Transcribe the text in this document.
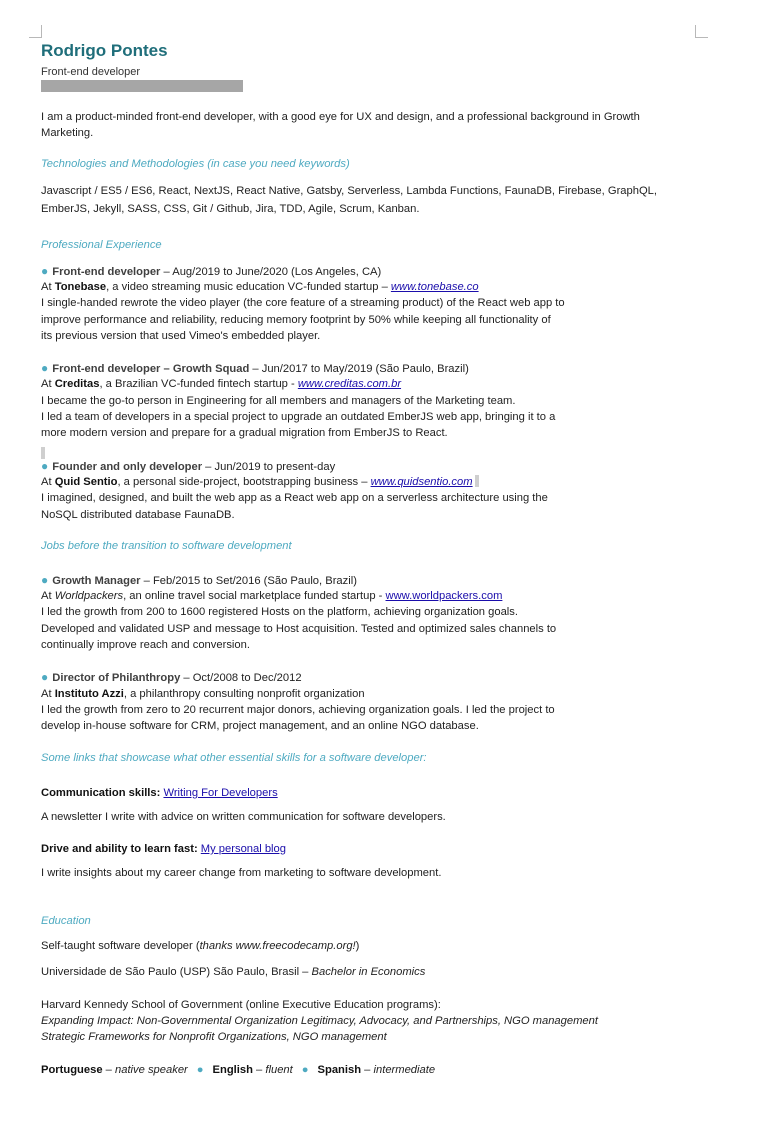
Rodrigo Pontes
Front-end developer
I am a product-minded front-end developer, with a good eye for UX and design, and a professional background in Growth
Marketing.
Technologies and Methodologies (in case you need keywords)
Javascript / ES5 / ES6, React, NextJS, React Native, Gatsby, Serverless, Lambda Functions, FaunaDB, Firebase, GraphQL,
EmberJS, Jekyll, SASS, CSS, Git / Github, Jira, TDD, Agile, Scrum, Kanban.
Professional Experience
● Front-end developer – Aug/2019 to June/2020 (Los Angeles, CA)
At Tonebase, a video streaming music education VC-funded startup – www.tonebase.co
I single-handed rewrote the video player (the core feature of a streaming product) of the React web app to
improve performance and reliability, reducing memory footprint by 50% while keeping all functionality of
its previous version that used Vimeo's embedded player.
● Front-end developer – Growth Squad – Jun/2017 to May/2019 (São Paulo, Brazil)
At Creditas, a Brazilian VC-funded fintech startup - www.creditas.com.br
I became the go-to person in Engineering for all members and managers of the Marketing team.
I led a team of developers in a special project to upgrade an outdated EmberJS web app, bringing it to a
more modern version and prepare for a gradual migration from EmberJS to React.
● Founder and only developer – Jun/2019 to present-day
At Quid Sentio, a personal side-project, bootstrapping business – www.quidsentio.com
I imagined, designed, and built the web app as a React web app on a serverless architecture using the
NoSQL distributed database FaunaDB.
Jobs before the transition to software development
● Growth Manager – Feb/2015 to Set/2016 (São Paulo, Brazil)
At Worldpackers, an online travel social marketplace funded startup - www.worldpackers.com
I led the growth from 200 to 1600 registered Hosts on the platform, achieving organization goals.
Developed and validated USP and message to Host acquisition. Tested and optimized sales channels to
continually improve reach and conversion.
● Director of Philanthropy – Oct/2008 to Dec/2012
At Instituto Azzi, a philanthropy consulting nonprofit organization
I led the growth from zero to 20 recurrent major donors, achieving organization goals. I led the project to
develop in-house software for CRM, project management, and an online NGO database.
Some links that showcase what other essential skills for a software developer:
Communication skills: Writing For Developers
A newsletter I write with advice on written communication for software developers.
Drive and ability to learn fast: My personal blog
I write insights about my career change from marketing to software development.
Education
Self-taught software developer (thanks www.freecodecamp.org!)
Universidade de São Paulo (USP) São Paulo, Brasil – Bachelor in Economics
Harvard Kennedy School of Government (online Executive Education programs):
Expanding Impact: Non-Governmental Organization Legitimacy, Advocacy, and Partnerships, NGO management
Strategic Frameworks for Nonprofit Organizations, NGO management
Portuguese – native speaker ● English – fluent ● Spanish – intermediate
